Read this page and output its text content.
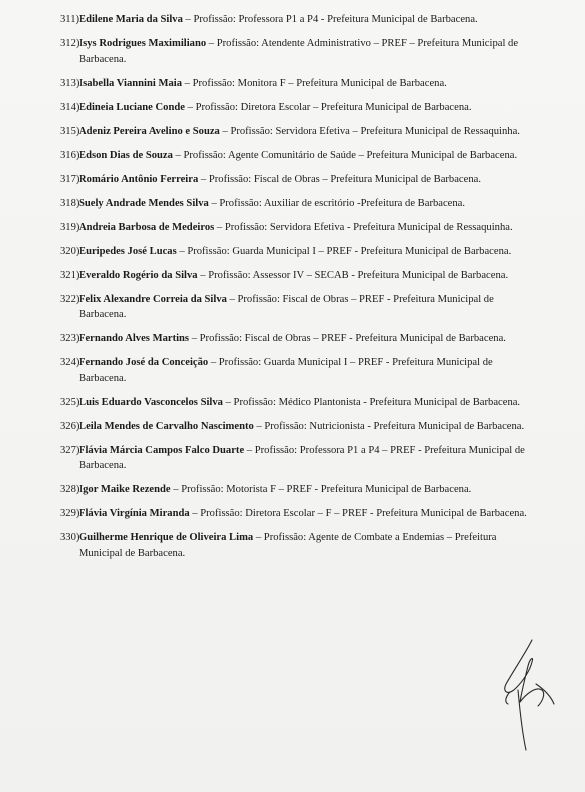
311) Edilene Maria da Silva – Profissão: Professora P1 a P4 - Prefeitura Municipal de Barbacena.
312) Isys Rodrigues Maximiliano – Profissão: Atendente Administrativo – PREF – Prefeitura Municipal de Barbacena.
313) Isabella Viannini Maia – Profissão: Monitora F – Prefeitura Municipal de Barbacena.
314) Edineia Luciane Conde – Profissão: Diretora Escolar – Prefeitura Municipal de Barbacena.
315) Adeniz Pereira Avelino e Souza – Profissão: Servidora Efetiva – Prefeitura Municipal de Ressaquinha.
316) Edson Dias de Souza – Profissão: Agente Comunitário de Saúde – Prefeitura Municipal de Barbacena.
317) Romário Antônio Ferreira – Profissão: Fiscal de Obras – Prefeitura Municipal de Barbacena.
318) Suely Andrade Mendes Silva – Profissão: Auxiliar de escritório -Prefeitura de Barbacena.
319) Andreia Barbosa de Medeiros – Profissão: Servidora Efetiva - Prefeitura Municipal de Ressaquinha.
320) Euripedes José Lucas – Profissão: Guarda Municipal I – PREF - Prefeitura Municipal de Barbacena.
321) Everaldo Rogério da Silva – Profissão: Assessor IV – SECAB - Prefeitura Municipal de Barbacena.
322) Felix Alexandre Correia da Silva – Profissão: Fiscal de Obras – PREF - Prefeitura Municipal de Barbacena.
323) Fernando Alves Martins – Profissão: Fiscal de Obras – PREF - Prefeitura Municipal de Barbacena.
324) Fernando José da Conceição – Profissão: Guarda Municipal I – PREF - Prefeitura Municipal de Barbacena.
325) Luis Eduardo Vasconcelos Silva – Profissão: Médico Plantonista - Prefeitura Municipal de Barbacena.
326) Leila Mendes de Carvalho Nascimento – Profissão: Nutricionista - Prefeitura Municipal de Barbacena.
327) Flávia Márcia Campos Falco Duarte – Profissão: Professora P1 a P4 – PREF - Prefeitura Municipal de Barbacena.
328) Igor Maike Rezende – Profissão: Motorista F – PREF - Prefeitura Municipal de Barbacena.
329) Flávia Virgínia Miranda – Profissão: Diretora Escolar – F – PREF - Prefeitura Municipal de Barbacena.
330) Guilherme Henrique de Oliveira Lima – Profissão: Agente de Combate a Endemias – Prefeitura Municipal de Barbacena.
